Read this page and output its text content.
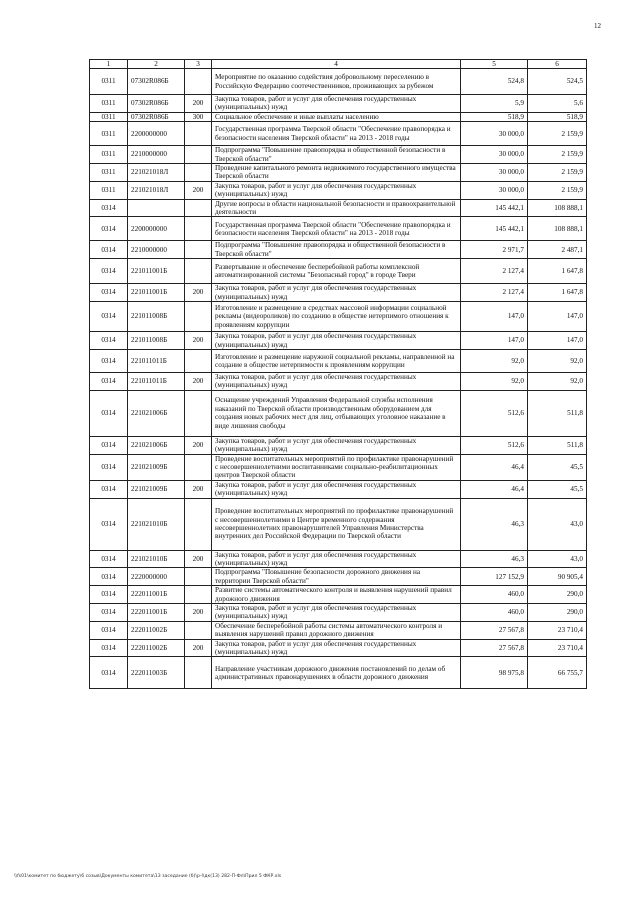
12
1	2	3	4	5	6
0311	07302R086Б		Мероприятие по оказанию содействия добровольному переселению в Российскую Федерацию соотечественников, проживающих за рубежом	524,8	524,5
0311	07302R086Б	200	Закупка товаров, работ и услуг для обеспечения государственных (муниципальных) нужд	5,9	5,6
0311	07302R086Б	300	Социальное обеспечение и иные выплаты населению	518,9	518,9
0311	2200000000		Государственная программа Тверской области "Обеспечение правопорядка и безопасности населения Тверской области" на 2013 - 2018 годы	30 000,0	2 159,9
0311	2210000000		Подпрограмма "Повышение правопорядка и общественной безопасности в Тверской области"	30 000,0	2 159,9
0311	221021018Л		Проведение капитального ремонта недвижимого государственного имущества Тверской области	30 000,0	2 159,9
0311	221021018Л	200	Закупка товаров, работ и услуг для обеспечения государственных (муниципальных) нужд	30 000,0	2 159,9
0314			Другие вопросы в области национальной безопасности и правоохранительной деятельности	145 442,1	108 888,1
0314	2200000000		Государственная программа Тверской области "Обеспечение правопорядка и безопасности населения Тверской области" на 2013 - 2018 годы	145 442,1	108 888,1
0314	2210000000		Подпрограмма "Повышение правопорядка и общественной безопасности в Тверской области"	2 971,7	2 487,1
0314	221011001Б		Развертывание и обеспечение бесперебойной работы комплексной автоматизированной системы "Безопасный город" в городе Твери	2 127,4	1 647,8
0314	221011001Б	200	Закупка товаров, работ и услуг для обеспечения государственных (муниципальных) нужд	2 127,4	1 647,8
0314	221011008Б		Изготовление и размещение в средствах массовой информации социальной рекламы (видеороликов) по созданию в обществе нетерпимого отношения к проявлениям коррупции	147,0	147,0
0314	221011008Б	200	Закупка товаров, работ и услуг для обеспечения государственных (муниципальных) нужд	147,0	147,0
0314	221011011Б		Изготовление и размещение наружной социальной рекламы, направленной на создание в обществе нетерпимости к проявлениям коррупции	92,0	92,0
0314	221011011Б	200	Закупка товаров, работ и услуг для обеспечения государственных (муниципальных) нужд	92,0	92,0
0314	221021006Б		Оснащение учреждений Управления Федеральной службы исполнения наказаний по Тверской области производственным оборудованием для создания новых рабочих мест для лиц, отбывающих уголовное наказание в виде лишения свободы	512,6	511,8
0314	221021006Б	200	Закупка товаров, работ и услуг для обеспечения государственных (муниципальных) нужд	512,6	511,8
0314	221021009Б		Проведение воспитательных мероприятий по профилактике правонарушений с несовершеннолетними воспитанниками социально-реабилитационных центров Тверской области	46,4	45,5
0314	221021009Б	200	Закупка товаров, работ и услуг для обеспечения государственных (муниципальных) нужд	46,4	45,5
0314	221021010Б		Проведение воспитательных мероприятий по профилактике правонарушений с несовершеннолетними в Центре временного содержания несовершеннолетних правонарушителей Управления Министерства внутренних дел Российской Федерации по Тверской области	46,3	43,0
0314	221021010Б	200	Закупка товаров, работ и услуг для обеспечения государственных (муниципальных) нужд	46,3	43,0
0314	2220000000		Подпрограмма "Повышение безопасности дорожного движения на территории Тверской области"	127 152,9	90 905,4
0314	222011001Б		Развитие системы автоматического контроля и выявления нарушений правил дорожного движения	460,0	290,0
0314	222011001Б	200	Закупка товаров, работ и услуг для обеспечения государственных (муниципальных) нужд	460,0	290,0
0314	222011002Б		Обеспечение бесперебойной работы системы автоматического контроля и выявления нарушений правил дорожного движения	27 567,8	23 710,4
0314	222011002Б	200	Закупка товаров, работ и услуг для обеспечения государственных (муниципальных) нужд	27 567,8	23 710,4
0314	222011003Б		Направление участникам дорожного движения постановлений по делам об административных правонарушениях в области дорожного движения	98 975,8	66 755,7
\\fs01\комитет по бюджету\6 созыв\Документы комитета\13 заседание (б)\р-l\дк(13) 282-П-Фл\Прил 5 ФКР.xls
